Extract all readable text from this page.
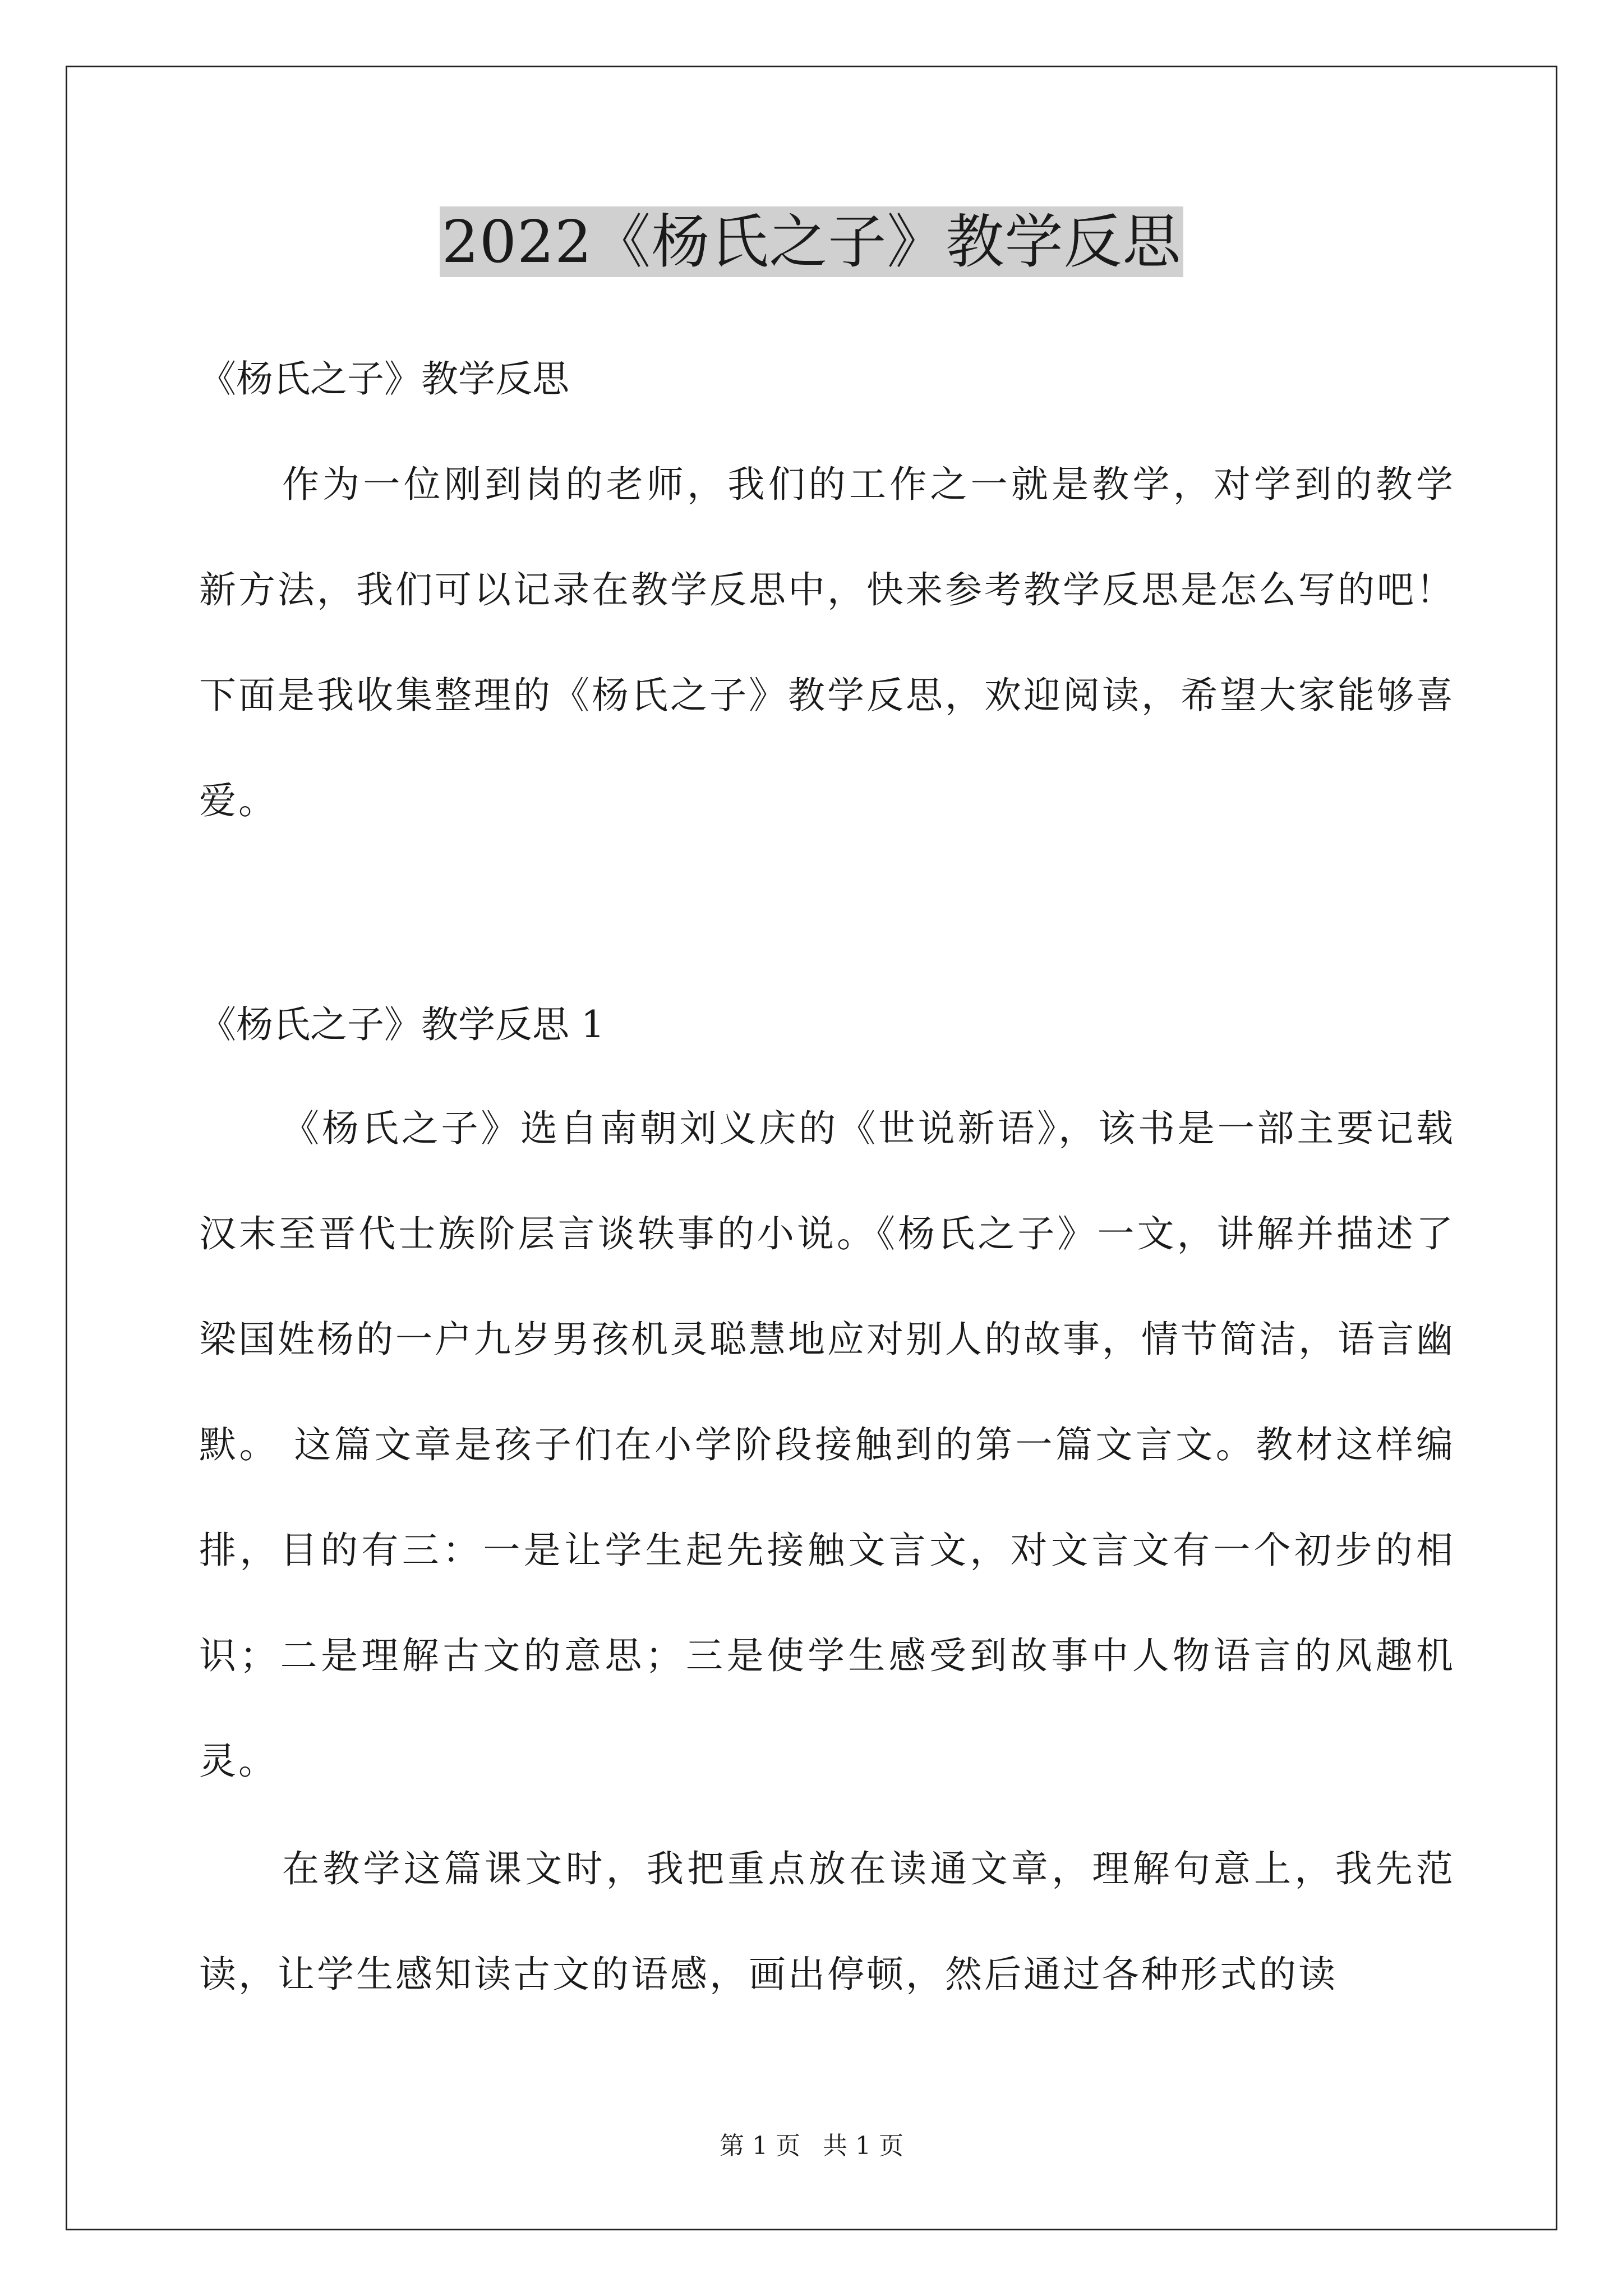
2022《杨氏之子》教学反思
《杨氏之子》教学反思

作为一位刚到岗的老师，我们的工作之一就是教学，对学到的教学新方法，我们可以记录在教学反思中，快来参考教学反思是怎么写的吧！下面是我收集整理的《杨氏之子》教学反思，欢迎阅读，希望大家能够喜爱。

《杨氏之子》教学反思 1

《杨氏之子》选自南朝刘义庆的《世说新语》，该书是一部主要记载汉末至晋代士族阶层言谈轶事的小说。《杨氏之子》一文，讲解并描述了梁国姓杨的一户九岁男孩机灵聪慧地应对别人的故事，情节简洁，语言幽默。 这篇文章是孩子们在小学阶段接触到的第一篇文言文。教材这样编排，目的有三：一是让学生起先接触文言文，对文言文有一个初步的相识；二是理解古文的意思；三是使学生感受到故事中人物语言的风趣机灵。

在教学这篇课文时，我把重点放在读通文章，理解句意上，我先范读，让学生感知读古文的语感，画出停顿，然后通过各种形式的读

第 1 页 共 1 页
